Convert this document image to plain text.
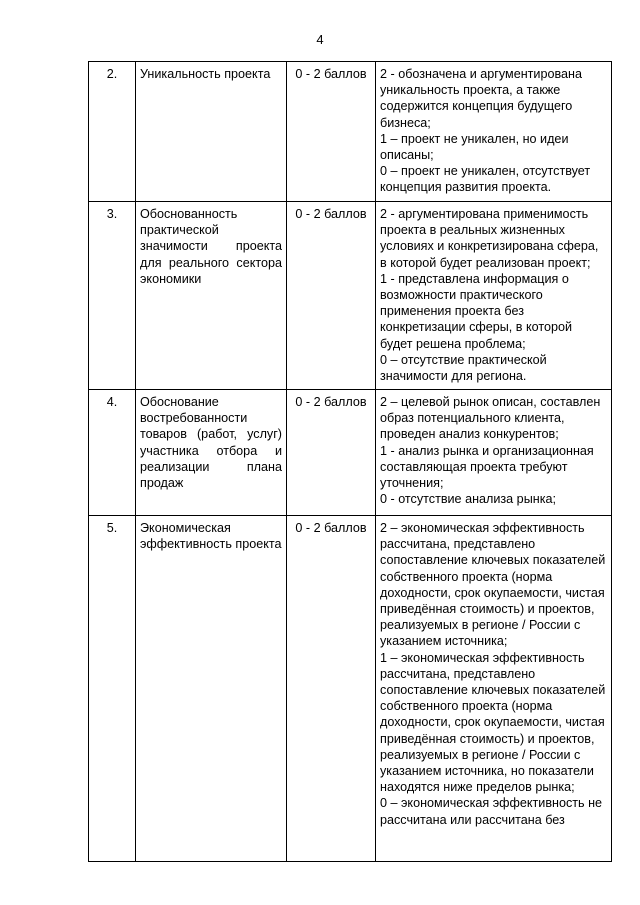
4
2.	Уникальность проекта	0 - 2 баллов	2 - обозначена и аргументирована уникальность проекта, а также содержится концепция будущего бизнеса;
1 – проект не уникален, но идеи описаны;
0 – проект не уникален, отсутствует концепция развития проекта.

3.	Обоснованность практической значимости проекта для реального сектора экономики	0 - 2 баллов	2 - аргументирована применимость проекта в реальных жизненных условиях и конкретизирована сфера, в которой будет реализован проект;
1 - представлена информация о возможности практического применения проекта без конкретизации сферы, в которой будет решена проблема;
0 – отсутствие практической значимости для региона.

4.	Обоснование востребованности товаров (работ, услуг) участника отбора и реализации плана продаж	0 - 2 баллов	2 – целевой рынок описан, составлен образ потенциального клиента, проведен анализ конкурентов;
1 - анализ рынка и организационная составляющая проекта требуют уточнения;
0 - отсутствие анализа рынка;

5.	Экономическая эффективность проекта	0 - 2 баллов	2 – экономическая эффективность рассчитана, представлено сопоставление ключевых показателей собственного проекта (норма доходности, срок окупаемости, чистая приведённая стоимость) и проектов, реализуемых в регионе / России с указанием источника;
1 – экономическая эффективность рассчитана, представлено сопоставление ключевых показателей собственного проекта (норма доходности, срок окупаемости, чистая приведённая стоимость) и проектов, реализуемых в регионе / России с указанием источника, но показатели находятся ниже пределов рынка;
0 – экономическая эффективность не рассчитана или рассчитана без
